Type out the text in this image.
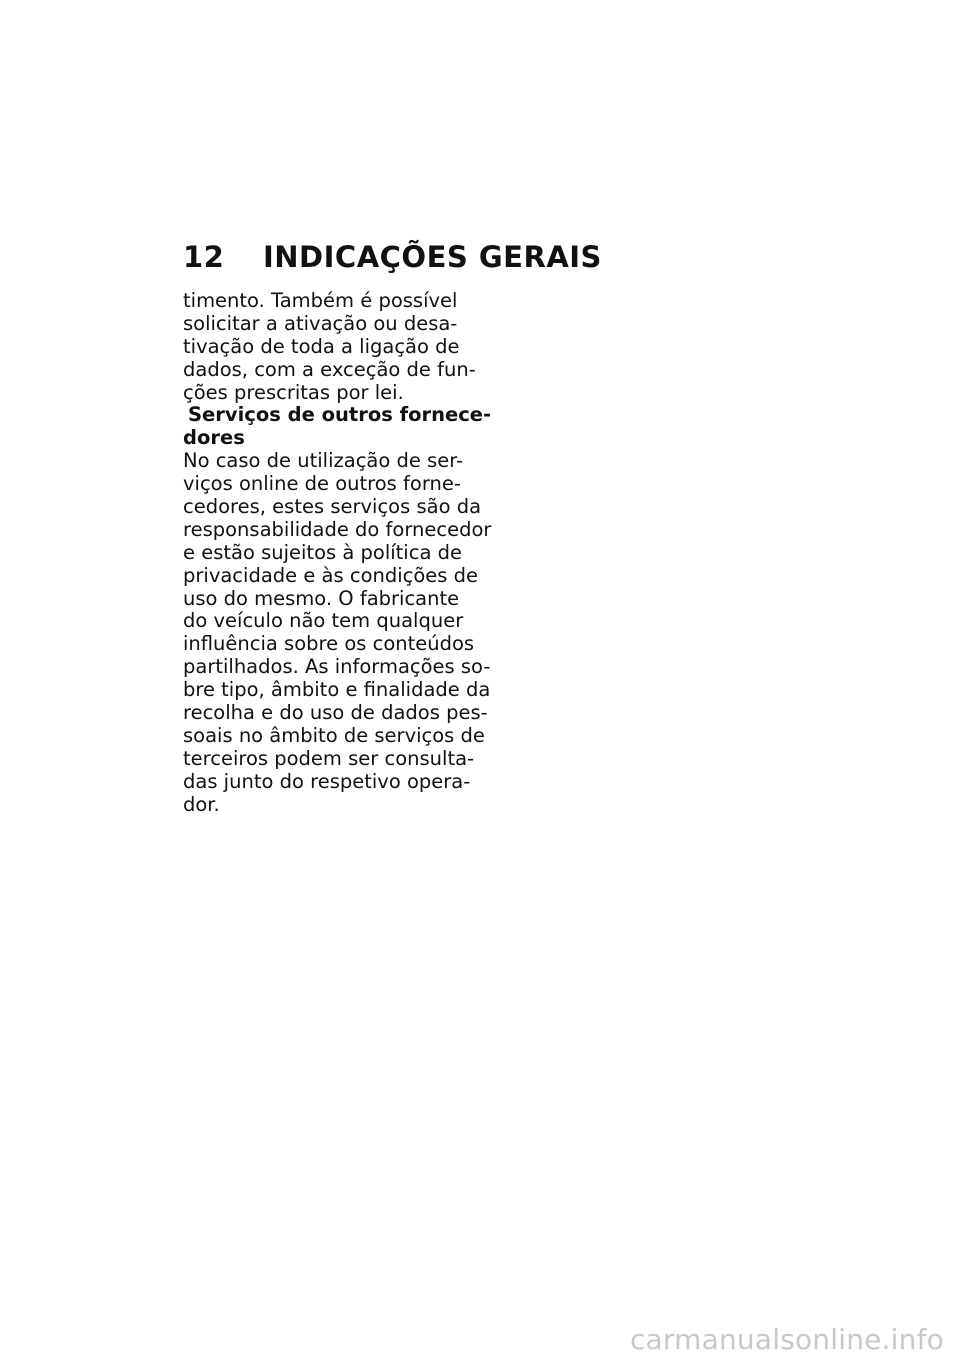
12 INDICAÇÕES GERAIS
timento. Também é possível
solicitar a ativação ou desa-
tivação de toda a ligação de
dados, com a exceção de fun-
ções prescritas por lei.
Serviços de outros fornece-
dores
No caso de utilização de ser-
viços online de outros forne-
cedores, estes serviços são da
responsabilidade do fornecedor
e estão sujeitos à política de
privacidade e às condições de
uso do mesmo. O fabricante
do veículo não tem qualquer
influência sobre os conteúdos
partilhados. As informações so-
bre tipo, âmbito e finalidade da
recolha e do uso de dados pes-
soais no âmbito de serviços de
terceiros podem ser consulta-
das junto do respetivo opera-
dor.
carmanualsonline.info
